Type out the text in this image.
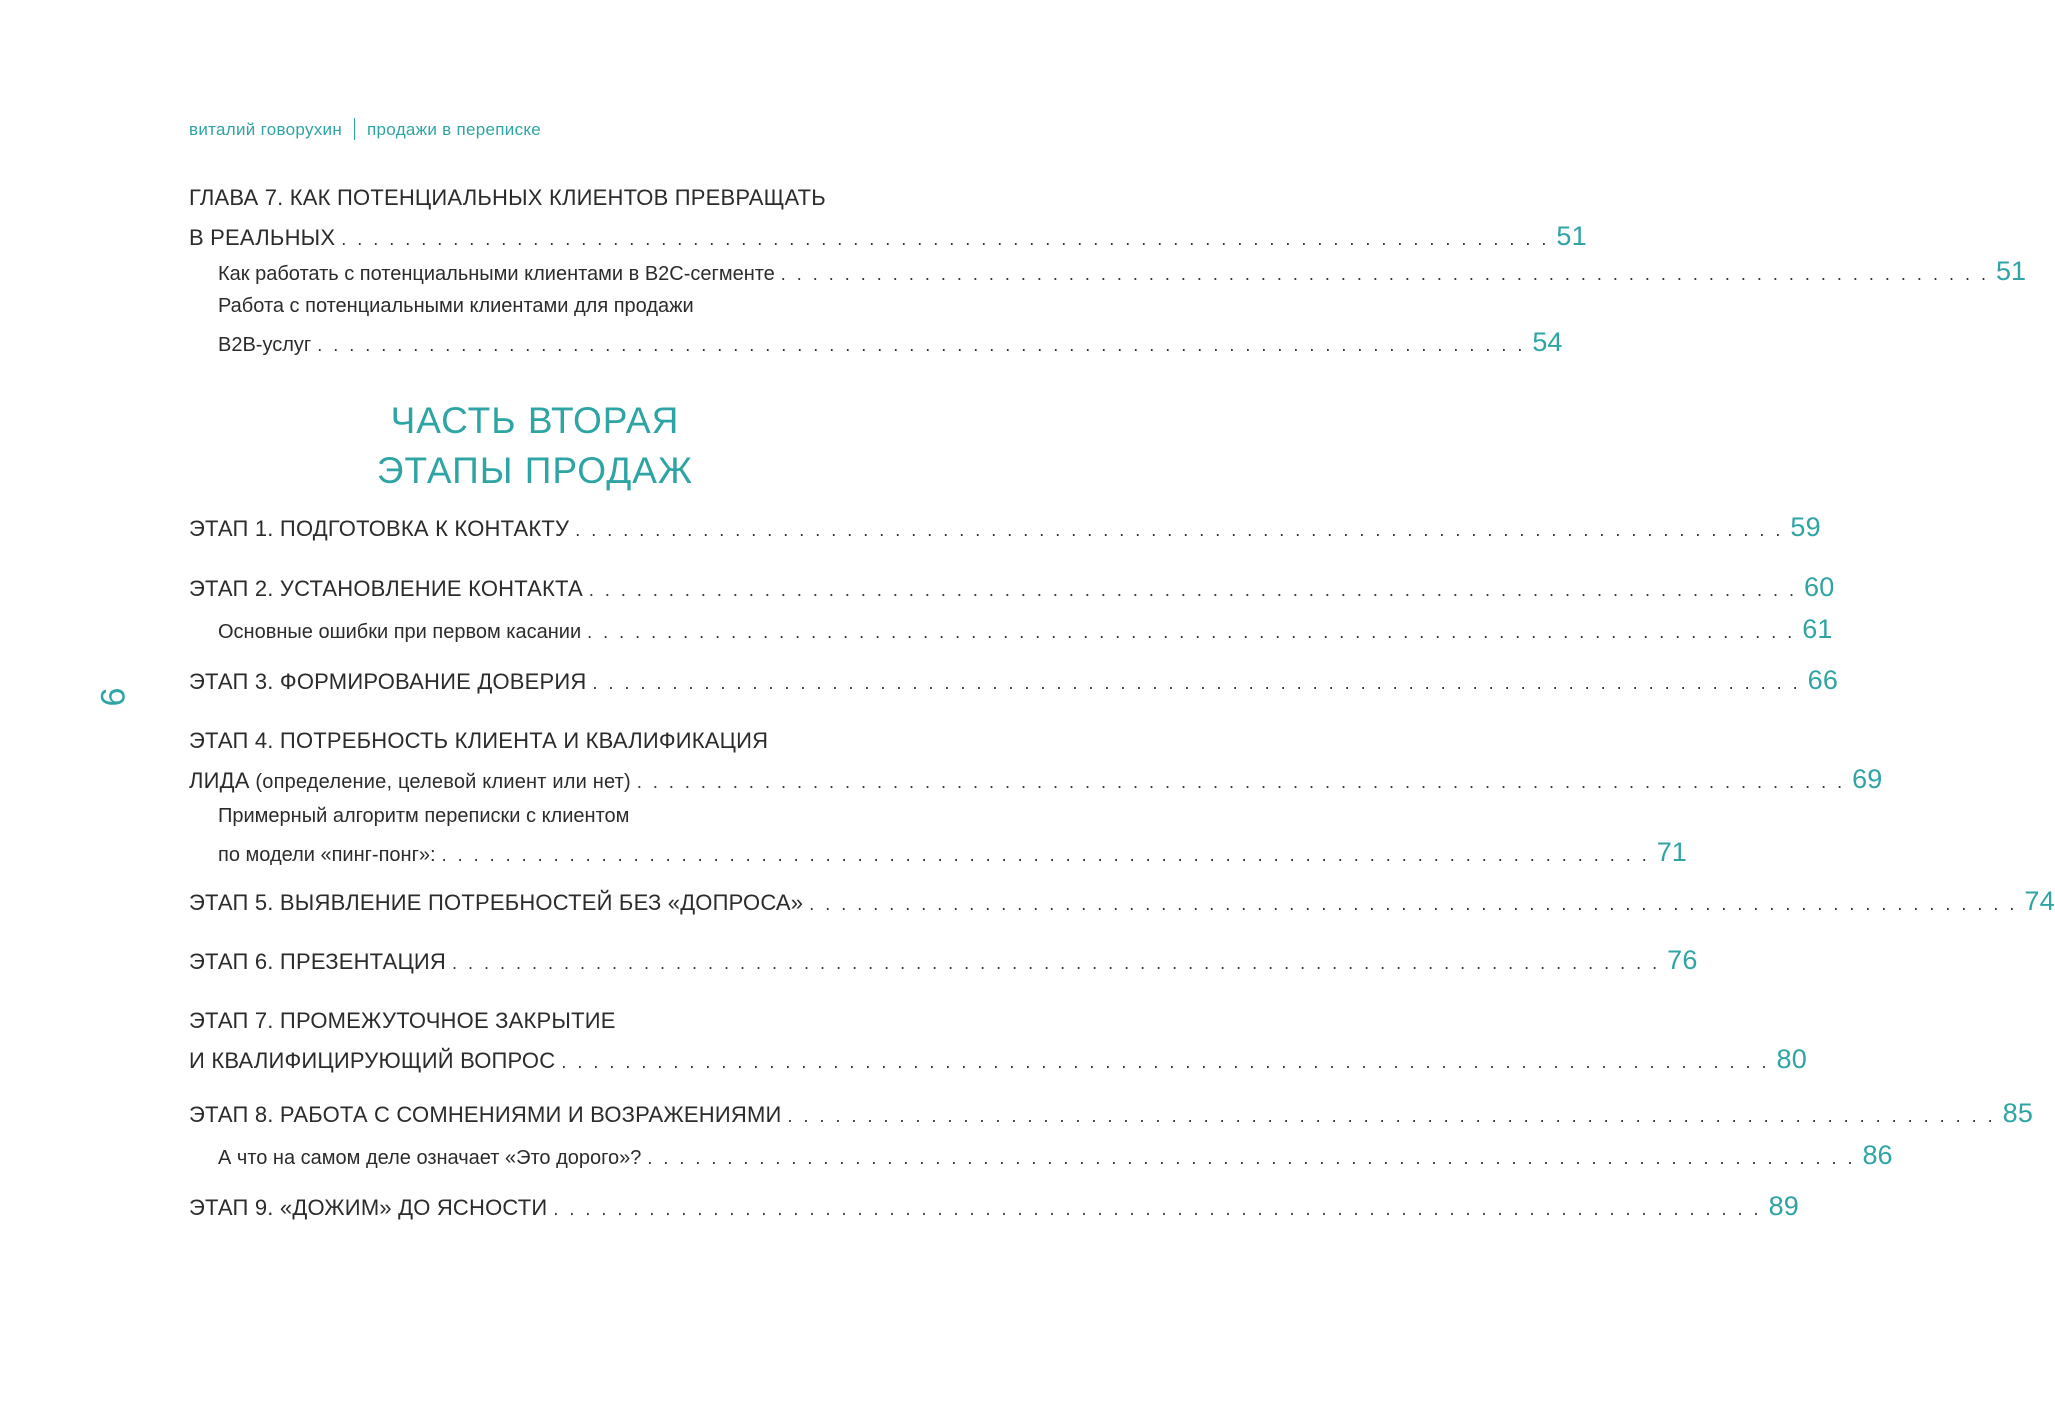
виталий говорухин продажи в переписке
9
ЧАСТЬ ВТОРАЯ
ЭТАПЫ ПРОДАЖ
ГЛАВА 7. КАК ПОТЕНЦИАЛЬНЫХ КЛИЕНТОВ ПРЕВРАЩАТЬ
В РЕАЛЬНЫХ . . .	51
Как работать с потенциальными клиентами в B2C-сегменте . . .	51
Работа с потенциальными клиентами для продажи
B2B-услуг . . .	54
ЭТАП 1. ПОДГОТОВКА К КОНТАКТУ . . .	59
ЭТАП 2. УСТАНОВЛЕНИЕ КОНТАКТА . . .	60
Основные ошибки при первом касании . . .	61
ЭТАП 3. ФОРМИРОВАНИЕ ДОВЕРИЯ . . .	66
ЭТАП 4. ПОТРЕБНОСТЬ КЛИЕНТА И КВАЛИФИКАЦИЯ
ЛИДА (определение, целевой клиент или нет) . . .	69
Примерный алгоритм переписки с клиентом
по модели «пинг-понг»: . . .	71
ЭТАП 5. ВЫЯВЛЕНИЕ ПОТРЕБНОСТЕЙ БЕЗ «ДОПРОСА» . . .	74
ЭТАП 6. ПРЕЗЕНТАЦИЯ . . .	76
ЭТАП 7. ПРОМЕЖУТОЧНОЕ ЗАКРЫТИЕ
И КВАЛИФИЦИРУЮЩИЙ ВОПРОС . . .	80
ЭТАП 8. РАБОТА С СОМНЕНИЯМИ И ВОЗРАЖЕНИЯМИ . . .	85
А что на самом деле означает «Это дорого»? . . .	86
ЭТАП 9. «ДОЖИМ» ДО ЯСНОСТИ . . .	89
